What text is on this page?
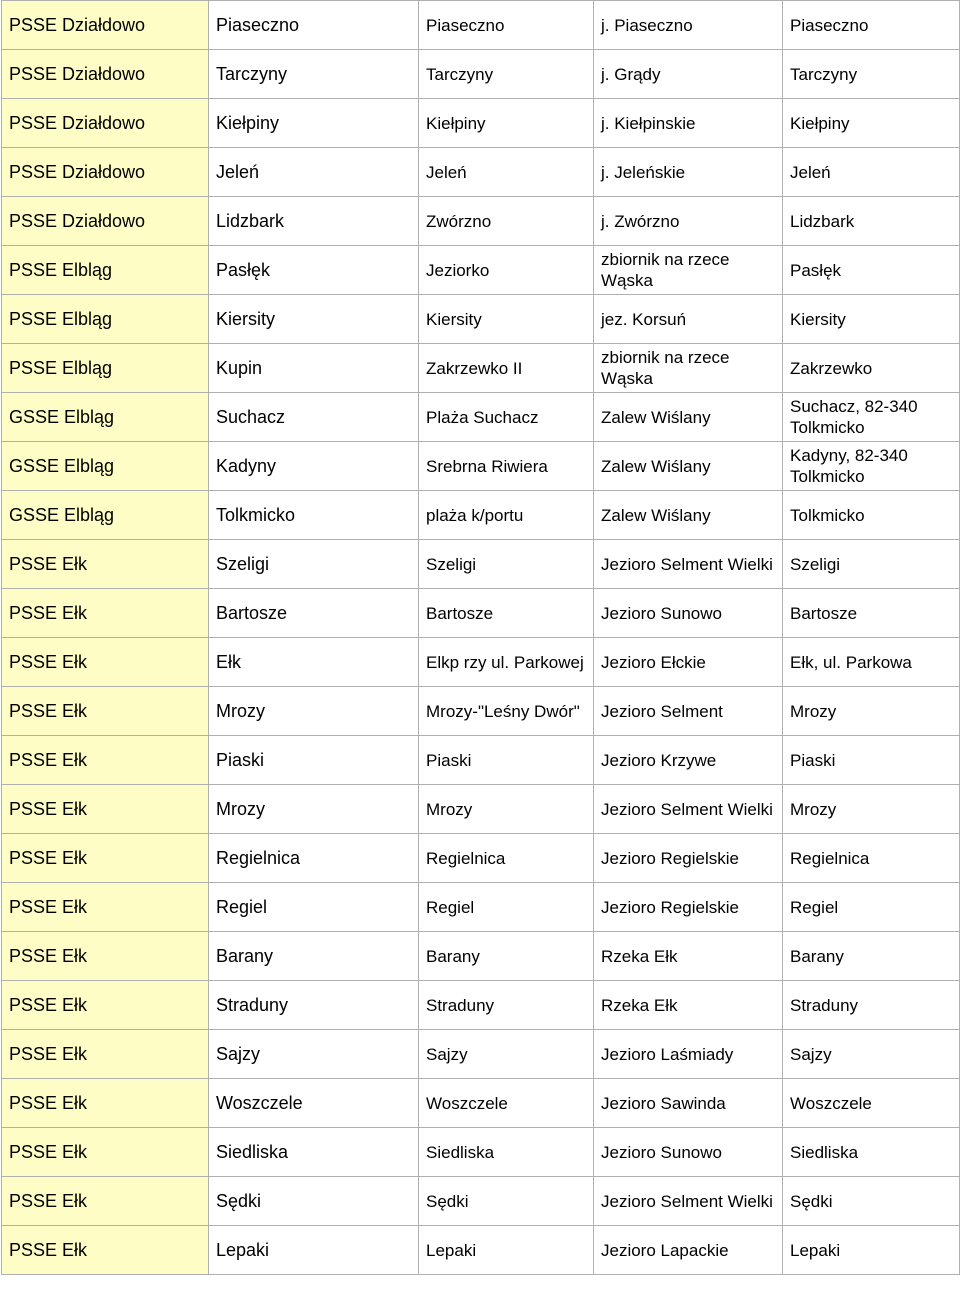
PSSE Działdowo	Piaseczno	Piaseczno	j. Piaseczno	Piaseczno
PSSE Działdowo	Tarczyny	Tarczyny	j. Grądy	Tarczyny
PSSE Działdowo	Kiełpiny	Kiełpiny	j. Kiełpinskie	Kiełpiny
PSSE Działdowo	Jeleń	Jeleń	j. Jeleńskie	Jeleń
PSSE Działdowo	Lidzbark	Zwórzno	j. Zwórzno	Lidzbark
PSSE Elbląg	Pasłęk	Jeziorko	zbiornik na rzece Wąska	Pasłęk
PSSE Elbląg	Kiersity	Kiersity	jez. Korsuń	Kiersity
PSSE Elbląg	Kupin	Zakrzewko II	zbiornik na rzece Wąska	Zakrzewko
GSSE Elbląg	Suchacz	Plaża Suchacz	Zalew Wiślany	Suchacz, 82-340 Tolkmicko
GSSE Elbląg	Kadyny	Srebrna Riwiera	Zalew Wiślany	Kadyny, 82-340 Tolkmicko
GSSE Elbląg	Tolkmicko	plaża k/portu	Zalew Wiślany	Tolkmicko
PSSE Ełk	Szeligi	Szeligi	Jezioro Selment Wielki	Szeligi
PSSE Ełk	Bartosze	Bartosze	Jezioro Sunowo	Bartosze
PSSE Ełk	Ełk	Elkp rzy ul. Parkowej	Jezioro Ełckie	Ełk, ul. Parkowa
PSSE Ełk	Mrozy	Mrozy-"Leśny Dwór"	Jezioro Selment	Mrozy
PSSE Ełk	Piaski	Piaski	Jezioro Krzywe	Piaski
PSSE Ełk	Mrozy	Mrozy	Jezioro Selment Wielki	Mrozy
PSSE Ełk	Regielnica	Regielnica	Jezioro Regielskie	Regielnica
PSSE Ełk	Regiel	Regiel	Jezioro Regielskie	Regiel
PSSE Ełk	Barany	Barany	Rzeka Ełk	Barany
PSSE Ełk	Straduny	Straduny	Rzeka Ełk	Straduny
PSSE Ełk	Sajzy	Sajzy	Jezioro Laśmiady	Sajzy
PSSE Ełk	Woszczele	Woszczele	Jezioro Sawinda	Woszczele
PSSE Ełk	Siedliska	Siedliska	Jezioro Sunowo	Siedliska
PSSE Ełk	Sędki	Sędki	Jezioro Selment Wielki	Sędki
PSSE Ełk	Lepaki	Lepaki	Jezioro Lapackie	Lepaki
